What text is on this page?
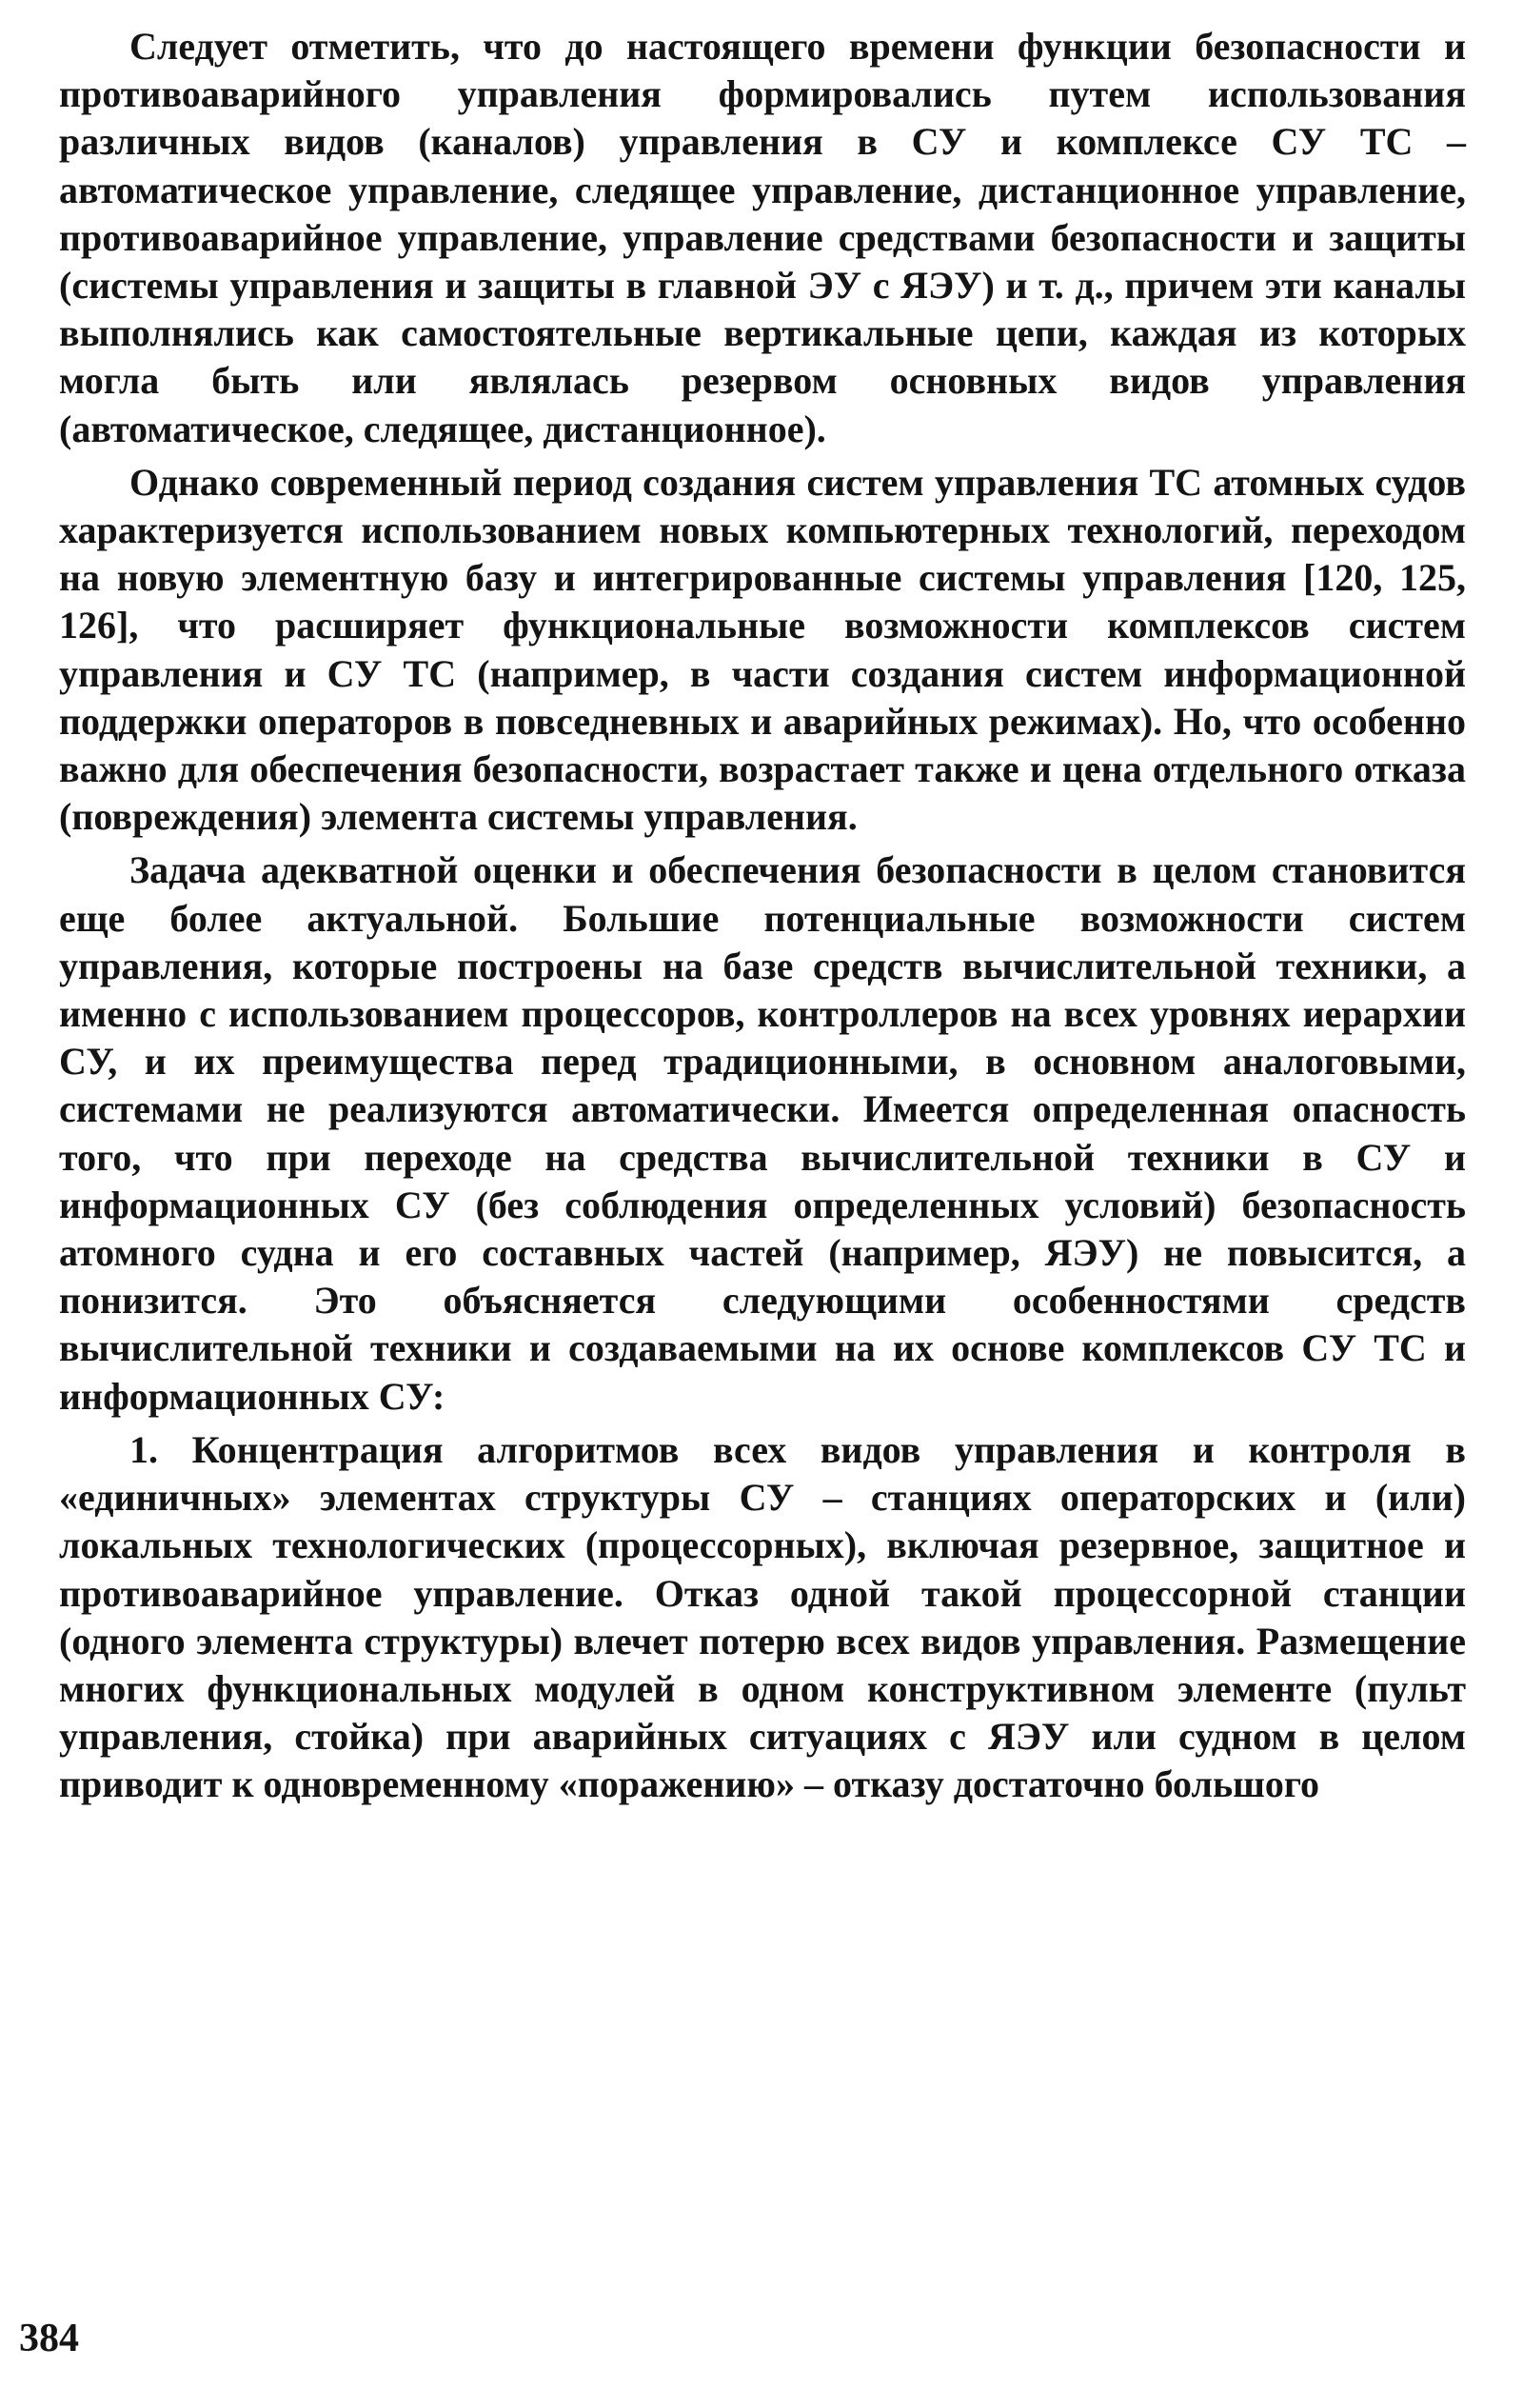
Следует отметить, что до настоящего времени функции безопасности и противоаварийного управления формировались путем использования различных видов (каналов) управления в СУ и комплексе СУ ТС – автоматическое управление, следящее управление, дистанционное управление, противоаварийное управление, управление средствами безопасности и защиты (системы управления и защиты в главной ЭУ с ЯЭУ) и т. д., причем эти каналы выполнялись как самостоятельные вертикальные цепи, каждая из которых могла быть или являлась резервом основных видов управления (автоматическое, следящее, дистанционное).

Однако современный период создания систем управления ТС атомных судов характеризуется использованием новых компьютерных технологий, переходом на новую элементную базу и интегрированные системы управления [120, 125, 126], что расширяет функциональные возможности комплексов систем управления и СУ ТС (например, в части создания систем информационной поддержки операторов в повседневных и аварийных режимах). Но, что особенно важно для обеспечения безопасности, возрастает также и цена отдельного отказа (повреждения) элемента системы управления.

Задача адекватной оценки и обеспечения безопасности в целом становится еще более актуальной. Большие потенциальные возможности систем управления, которые построены на базе средств вычислительной техники, а именно с использованием процессоров, контроллеров на всех уровнях иерархии СУ, и их преимущества перед традиционными, в основном аналоговыми, системами не реализуются автоматически. Имеется определенная опасность того, что при переходе на средства вычислительной техники в СУ и информационных СУ (без соблюдения определенных условий) безопасность атомного судна и его составных частей (например, ЯЭУ) не повысится, а понизится. Это объясняется следующими особенностями средств вычислительной техники и создаваемыми на их основе комплексов СУ ТС и информационных СУ:

1. Концентрация алгоритмов всех видов управления и контроля в «единичных» элементах структуры СУ – станциях операторских и (или) локальных технологических (процессорных), включая резервное, защитное и противоаварийное управление. Отказ одной такой процессорной станции (одного элемента структуры) влечет потерю всех видов управления. Размещение многих функциональных модулей в одном конструктивном элементе (пульт управления, стойка) при аварийных ситуациях с ЯЭУ или судном в целом приводит к одновременному «поражению» – отказу достаточно большого

384
